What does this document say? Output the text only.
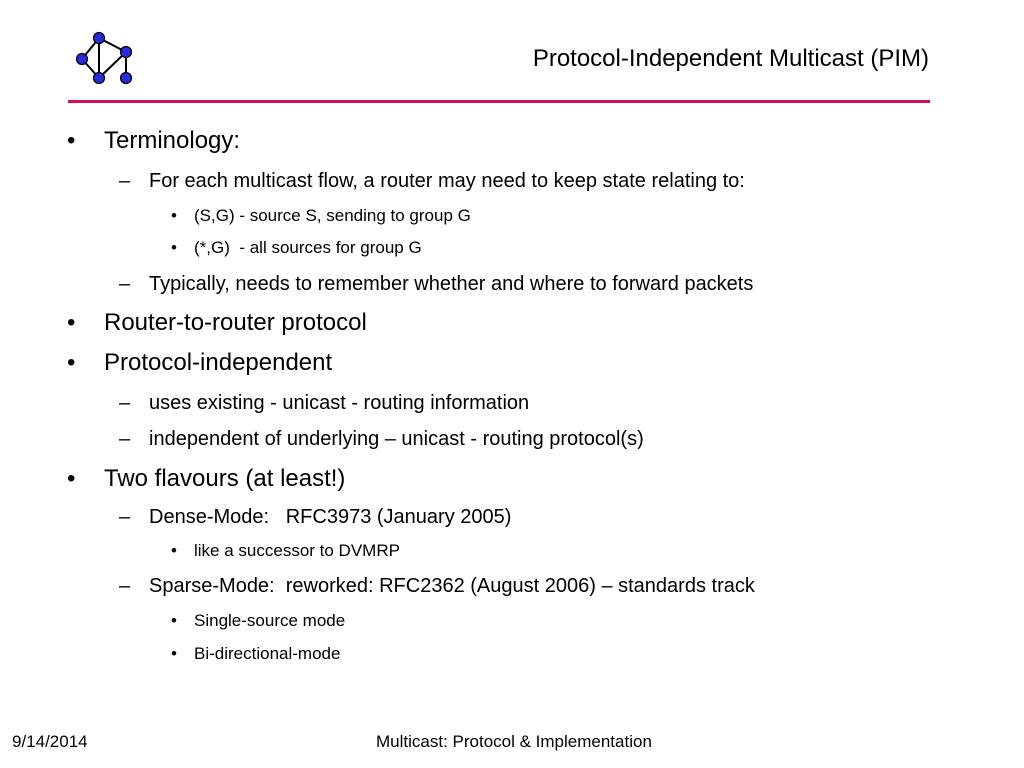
Protocol-Independent Multicast (PIM)
• Terminology:
– For each multicast flow, a router may need to keep state relating to:
• (S,G) - source S, sending to group G
• (*,G)  - all sources for group G
– Typically, needs to remember whether and where to forward packets
• Router-to-router protocol
• Protocol-independent
– uses existing - unicast - routing information
– independent of underlying – unicast - routing protocol(s)
• Two flavours (at least!)
– Dense-Mode:   RFC3973 (January 2005)
• like a successor to DVMRP
– Sparse-Mode:  reworked: RFC2362 (August 2006) – standards track
• Single-source mode
• Bi-directional-mode
9/14/2014	Multicast: Protocol & Implementation
